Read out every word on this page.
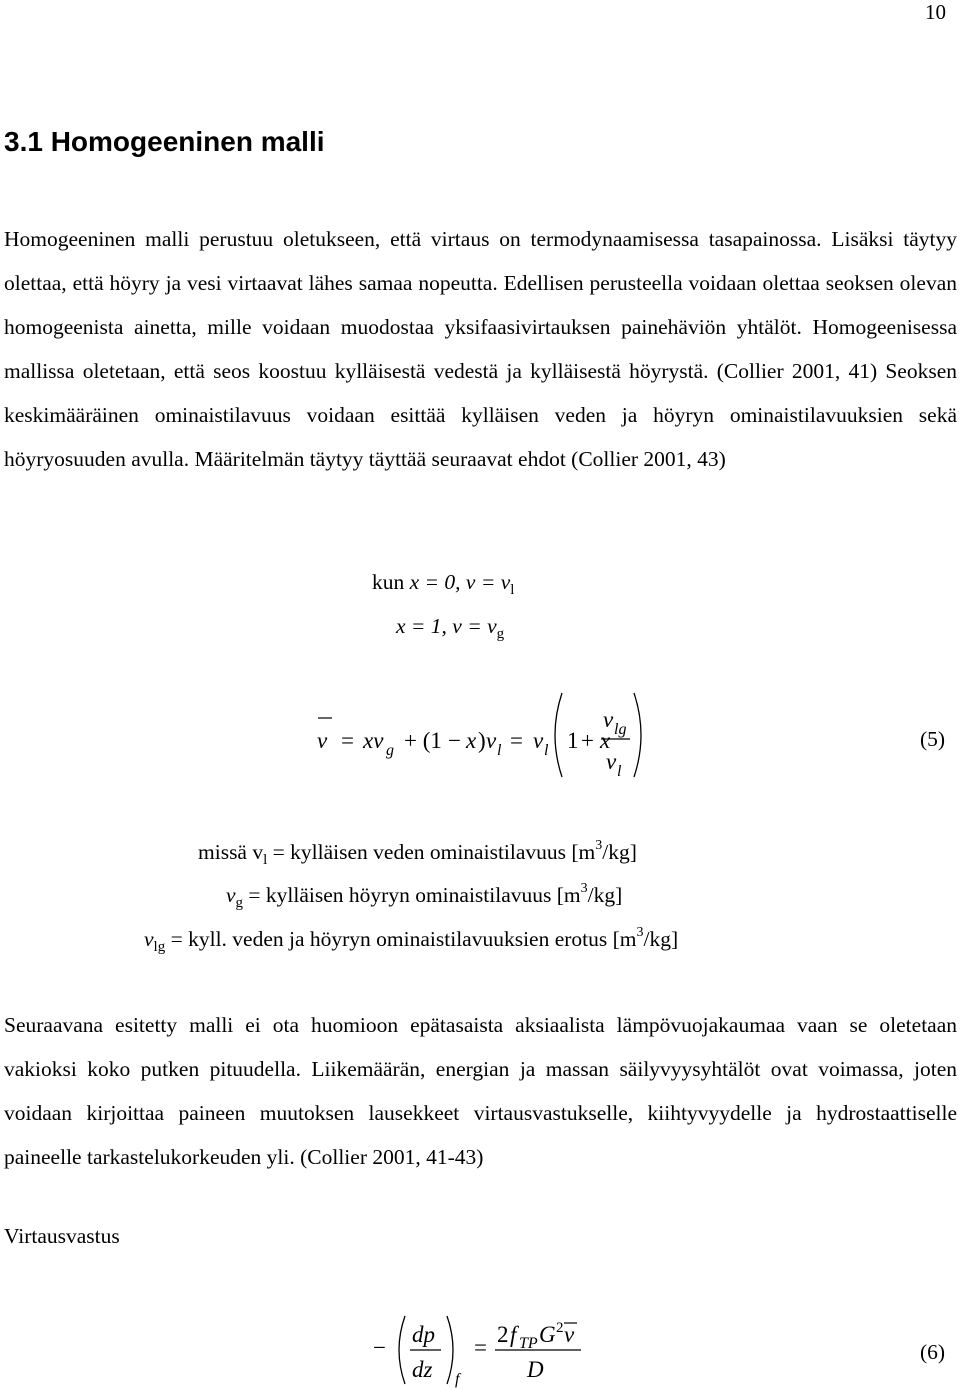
10
3.1 Homogeeninen malli

Homogeeninen malli perustuu oletukseen, että virtaus on termodynaamisessa tasapainossa. Lisäksi täytyy olettaa, että höyry ja vesi virtaavat lähes samaa nopeutta. Edellisen perusteella voidaan olettaa seoksen olevan homogeenista ainetta, mille voidaan muodostaa yksifaasivirtauksen painehäviön yhtälöt. Homogeenisessa mallissa oletetaan, että seos koostuu kylläisestä vedestä ja kylläisestä höyrystä. (Collier 2001, 41) Seoksen keskimääräinen ominaistilavuus voidaan esittää kylläisen veden ja höyryn ominaistilavuuksien sekä höyryosuuden avulla. Määritelmän täytyy täyttää seuraavat ehdot (Collier 2001, 43)

kun x = 0, $v = v_l$
x = 1, $v = v_g$
v = xv g + (1 − x ) v l = v l 1 + x
v lg
v l
(5)
missä $v_l$ = kylläisen veden ominaistilavuus $[m^3/kg]$
$v_g$ = kylläisen höyryn ominaistilavuus $[m^3/kg]$
$v_{lg}$ = kyll. veden ja höyryn ominaistilavuuksien erotus $[m^3/kg]$

Seuraavana esitetty malli ei ota huomioon epätasaista aksiaalista lämpövuojakaumaa vaan se oletetaan vakioksi koko putken pituudella. Liikemäärän, energian ja massan säilyvyysyhtälöt ovat voimassa, joten voidaan kirjoittaa paineen muutoksen lausekkeet virtausvastukselle, kiihtyvyydelle ja hydrostaattiselle paineelle tarkastelukorkeuden yli. (Collier 2001, 41-43)

Virtausvastus
−
dp
dz f
=
2 f TP G 2 v
D
(6)
